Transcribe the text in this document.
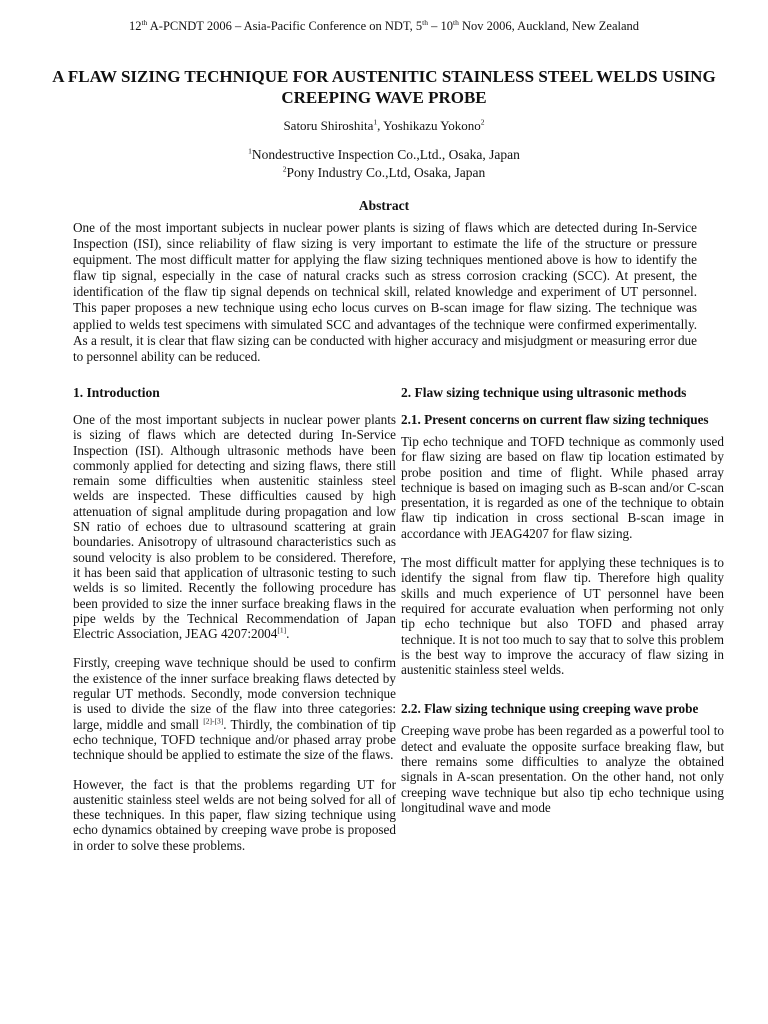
12th A-PCNDT 2006 – Asia-Pacific Conference on NDT, 5th – 10th Nov 2006, Auckland, New Zealand
A FLAW SIZING TECHNIQUE FOR AUSTENITIC STAINLESS STEEL WELDS USING CREEPING WAVE PROBE
Satoru Shiroshita$^1$, Yoshikazu Yokono$^2$
$^1$Nondestructive Inspection Co.,Ltd., Osaka, Japan
$^2$Pony Industry Co.,Ltd, Osaka, Japan
Abstract

One of the most important subjects in nuclear power plants is sizing of flaws which are detected during In-Service Inspection (ISI), since reliability of flaw sizing is very important to estimate the life of the structure or pressure equipment. The most difficult matter for applying the flaw sizing techniques mentioned above is how to identify the flaw tip signal, especially in the case of natural cracks such as stress corrosion cracking (SCC). At present, the identification of the flaw tip signal depends on technical skill, related knowledge and experiment of UT personnel. This paper proposes a new technique using echo locus curves on B-scan image for flaw sizing. The technique was applied to welds test specimens with simulated SCC and advantages of the technique were confirmed experimentally. As a result, it is clear that flaw sizing can be conducted with higher accuracy and misjudgment or measuring error due to personnel ability can be reduced.

1. Introduction

One of the most important subjects in nuclear power plants is sizing of flaws which are detected during In-Service Inspection (ISI). Although ultrasonic methods have been commonly applied for detecting and sizing flaws, there still remain some difficulties when austenitic stainless steel welds are inspected. These difficulties caused by high attenuation of signal amplitude during propagation and low SN ratio of echoes due to ultrasound scattering at grain boundaries. Anisotropy of ultrasound characteristics such as sound velocity is also problem to be considered. Therefore, it has been said that application of ultrasonic testing to such welds is so limited. Recently the following procedure has been provided to size the inner surface breaking flaws in the pipe welds by the Technical Recommendation of Japan Electric Association, JEAG 4207:2004[1].

Firstly, creeping wave technique should be used to confirm the existence of the inner surface breaking flaws detected by regular UT methods. Secondly, mode conversion technique is used to divide the size of the flaw into three categories: large, middle and small [2]-[3]. Thirdly, the combination of tip echo technique, TOFD technique and/or phased array probe technique should be applied to estimate the size of the flaws.

However, the fact is that the problems regarding UT for austenitic stainless steel welds are not being solved for all of these techniques. In this paper, flaw sizing technique using echo dynamics obtained by creeping wave probe is proposed in order to solve these problems.

2. Flaw sizing technique using ultrasonic methods
2.1. Present concerns on current flaw sizing techniques

Tip echo technique and TOFD technique as commonly used for flaw sizing are based on flaw tip location estimated by probe position and time of flight. While phased array technique is based on imaging such as B-scan and/or C-scan presentation, it is regarded as one of the technique to obtain flaw tip indication in cross sectional B-scan image in accordance with JEAG4207 for flaw sizing.

The most difficult matter for applying these techniques is to identify the signal from flaw tip. Therefore high quality skills and much experience of UT personnel have been required for accurate evaluation when performing not only tip echo technique but also TOFD and phased array technique. It is not too much to say that to solve this problem is the best way to improve the accuracy of flaw sizing in austenitic stainless steel welds.

2.2. Flaw sizing technique using creeping wave probe

Creeping wave probe has been regarded as a powerful tool to detect and evaluate the opposite surface breaking flaw, but there remains some difficulties to analyze the obtained signals in A-scan presentation. On the other hand, not only creeping wave technique but also tip echo technique using longitudinal wave and mode
